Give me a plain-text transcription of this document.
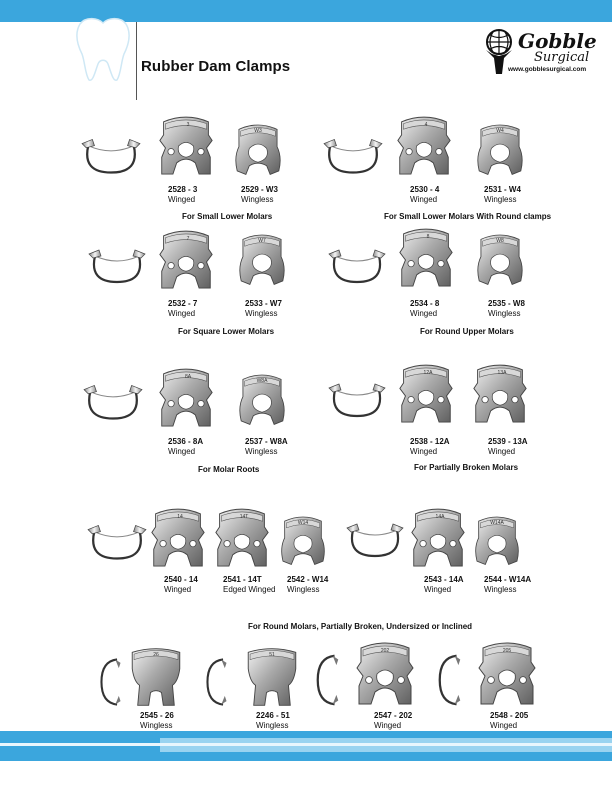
Rubber Dam Clamps
Gobble
Surgical
www.gobblesurgical.com
3
W3
2528 - 3
Winged
2529 - W3
Wingless
For Small Lower Molars
4
W4
2530 - 4
Winged
2531 - W4
Wingless
For Small Lower Molars With Round clamps
7	W7
2532 - 7
Winged
2533 - W7
Wingless
For Square Lower Molars
8
W8
2534 - 8
Winged
2535 - W8
Wingless
For Round Upper Molars
8A
W8A
2536 - 8A
Winged
2537 - W8A
Wingless
For Molar Roots
12A	13A
2538 - 12A
Winged
2539 - 13A
Winged
For Partially Broken Molars
14	14T
W14
2540 - 14
Winged
2541 - 14T
Edged Winged
2542 - W14
Wingless
14A
W14A
2543 - 14A
Winged
2544 - W14A
Wingless
For Round Molars, Partially Broken, Undersized or Inclined
26	51
202	205
2545 - 26
Wingless
2246 - 51
Wingless
2547 - 202
Winged
2548 - 205
Winged
